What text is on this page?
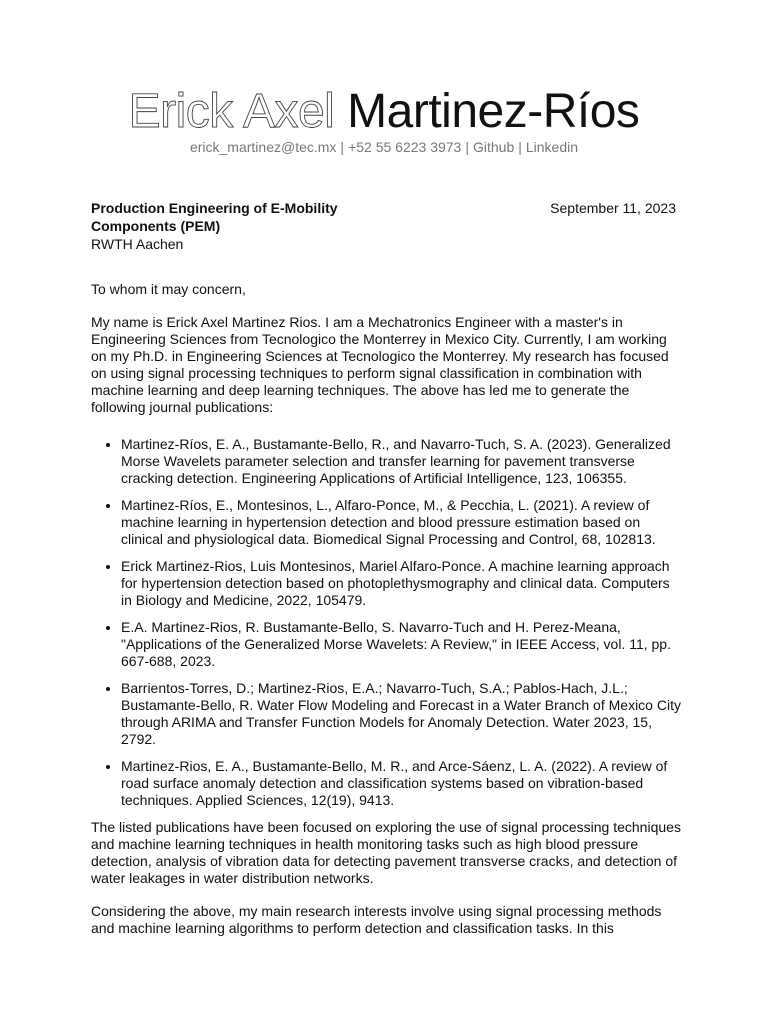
Erick Axel Martinez-Ríos
erick_martinez@tec.mx | +52 55 6223 3973 | Github | Linkedin
Production Engineering of E-Mobility Components (PEM)
RWTH Aachen
September 11, 2023

To whom it may concern,

My name is Erick Axel Martinez Rios. I am a Mechatronics Engineer with a master's in Engineering Sciences from Tecnologico the Monterrey in Mexico City. Currently, I am working on my Ph.D. in Engineering Sciences at Tecnologico the Monterrey. My research has focused on using signal processing techniques to perform signal classification in combination with machine learning and deep learning techniques. The above has led me to generate the following journal publications:

• Martinez-Ríos, E. A., Bustamante-Bello, R., and Navarro-Tuch, S. A. (2023). Generalized Morse Wavelets parameter selection and transfer learning for pavement transverse cracking detection. Engineering Applications of Artificial Intelligence, 123, 106355.
• Martinez-Ríos, E., Montesinos, L., Alfaro-Ponce, M., & Pecchia, L. (2021). A review of machine learning in hypertension detection and blood pressure estimation based on clinical and physiological data. Biomedical Signal Processing and Control, 68, 102813.
• Erick Martinez-Rios, Luis Montesinos, Mariel Alfaro-Ponce. A machine learning approach for hypertension detection based on photoplethysmography and clinical data. Computers in Biology and Medicine, 2022, 105479.
• E.A. Martinez-Rios, R. Bustamante-Bello, S. Navarro-Tuch and H. Perez-Meana, "Applications of the Generalized Morse Wavelets: A Review," in IEEE Access, vol. 11, pp. 667-688, 2023.
• Barrientos-Torres, D.; Martinez-Rios, E.A.; Navarro-Tuch, S.A.; Pablos-Hach, J.L.; Bustamante-Bello, R. Water Flow Modeling and Forecast in a Water Branch of Mexico City through ARIMA and Transfer Function Models for Anomaly Detection. Water 2023, 15, 2792.
• Martinez-Rios, E. A., Bustamante-Bello, M. R., and Arce-Sáenz, L. A. (2022). A review of road surface anomaly detection and classification systems based on vibration-based techniques. Applied Sciences, 12(19), 9413.

The listed publications have been focused on exploring the use of signal processing techniques and machine learning techniques in health monitoring tasks such as high blood pressure detection, analysis of vibration data for detecting pavement transverse cracks, and detection of water leakages in water distribution networks.

Considering the above, my main research interests involve using signal processing methods and machine learning algorithms to perform detection and classification tasks. In this
